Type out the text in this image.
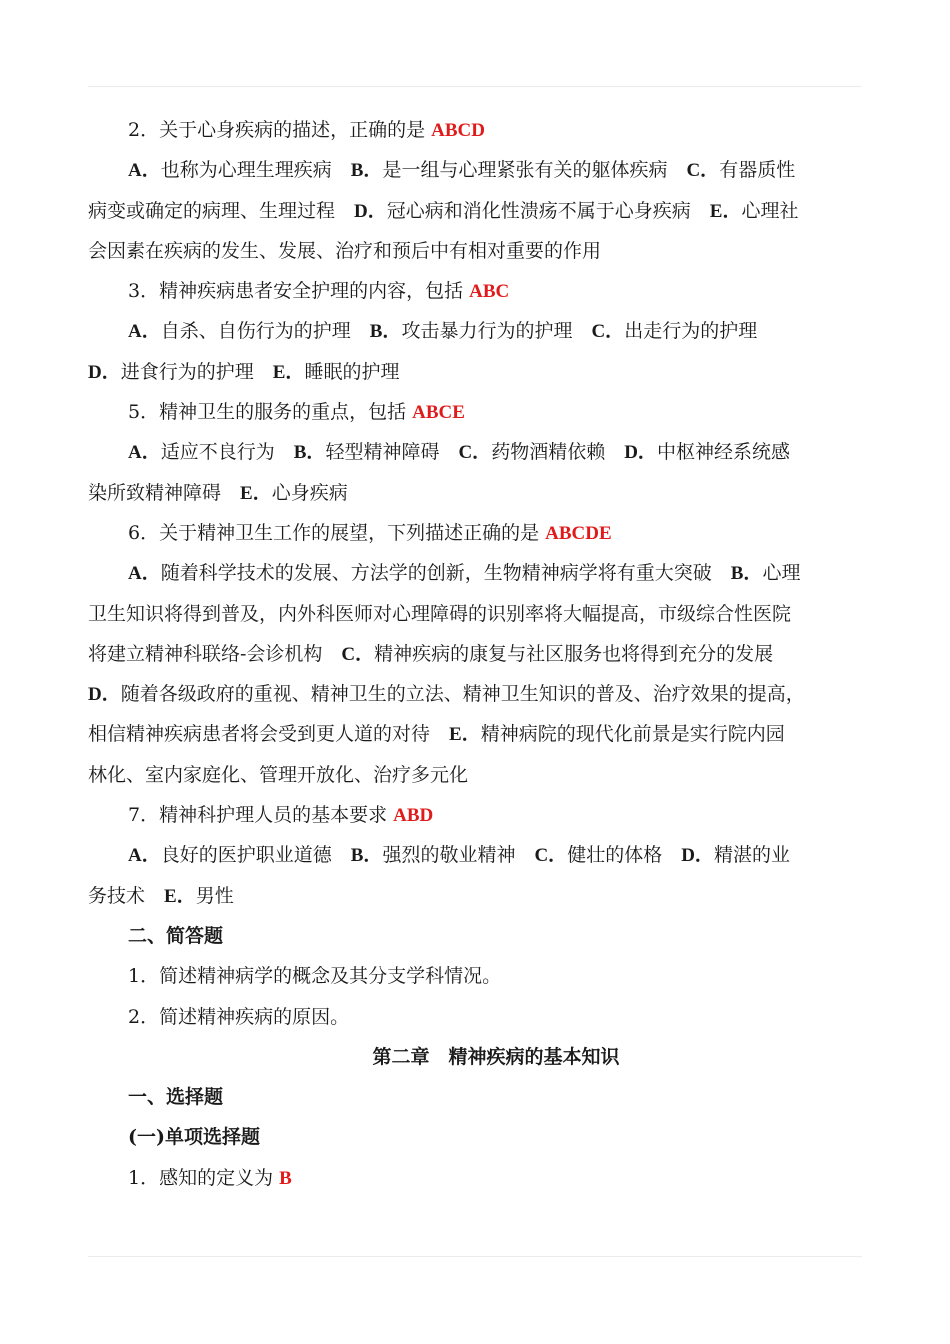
2．关于心身疾病的描述，正确的是 ABCD
A．也称为心理生理疾病　B．是一组与心理紧张有关的躯体疾病　C．有器质性
病变或确定的病理、生理过程　D．冠心病和消化性溃疡不属于心身疾病　E．心理社
会因素在疾病的发生、发展、治疗和预后中有相对重要的作用
3．精神疾病患者安全护理的内容，包括 ABC
A．自杀、自伤行为的护理　B．攻击暴力行为的护理　C．出走行为的护理
D．进食行为的护理　E．睡眠的护理
5．精神卫生的服务的重点，包括 ABCE
A．适应不良行为　B．轻型精神障碍　C．药物酒精依赖　D．中枢神经系统感
染所致精神障碍　E．心身疾病
6．关于精神卫生工作的展望，下列描述正确的是 ABCDE
A．随着科学技术的发展、方法学的创新，生物精神病学将有重大突破　B．心理
卫生知识将得到普及，内外科医师对心理障碍的识别率将大幅提高，市级综合性医院
将建立精神科联络-会诊机构　C．精神疾病的康复与社区服务也将得到充分的发展
D．随着各级政府的重视、精神卫生的立法、精神卫生知识的普及、治疗效果的提高，
相信精神疾病患者将会受到更人道的对待　E．精神病院的现代化前景是实行院内园
林化、室内家庭化、管理开放化、治疗多元化
7．精神科护理人员的基本要求 ABD
A．良好的医护职业道德　B．强烈的敬业精神　C．健壮的体格　D．精湛的业
务技术　E．男性
二、简答题
1．简述精神病学的概念及其分支学科情况。
2．简述精神疾病的原因。
第二章　精神疾病的基本知识
一、选择题
(一)单项选择题
1．感知的定义为 B
